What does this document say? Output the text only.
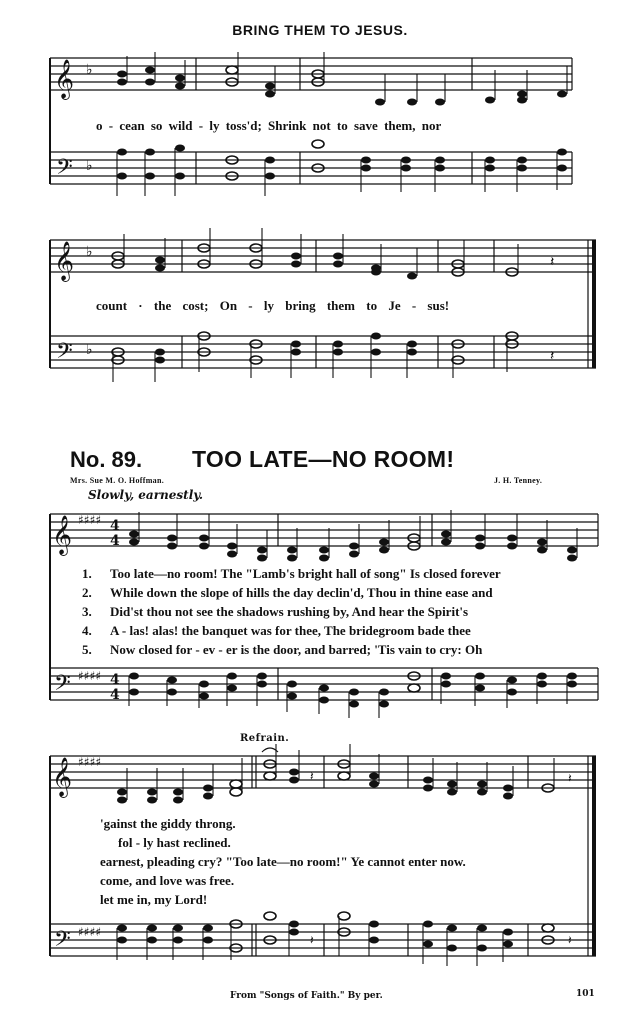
BRING THEM TO JESUS.
𝄞
𝄢
♭
♭
𝄞
𝄢
♭
♭
𝄽
𝄽
𝄞
𝄢
♯♯♯♯
♯♯♯♯
4
4
4
4
𝄞
𝄢
♯♯♯♯
♯♯♯♯
𝄽	𝄽
𝄽	𝄽
o - cean so wild - ly toss'd; Shrink not to save them, nor
count · the cost; On - ly bring them to Je - sus!
No. 89. TOO LATE—NO ROOM!
Mrs. Sue M. O. Hoffman.	J. H. Tenney.
Slowly, earnestly.
1. Too late—no room! The "Lamb's bright hall of song" Is closed forever
2. While down the slope of hills the day declin'd, Thou in thine ease and
3. Did'st thou not see the shadows rushing by, And hear the Spirit's
4. A - las! alas! the banquet was for thee, The bridegroom bade thee
5. Now closed for - ev - er is the door, and barred; 'Tis vain to cry: Oh
Refrain.
'gainst the giddy throng.
fol - ly hast reclined.
earnest, pleading cry? "Too late—no room!" Ye cannot enter now.
come, and love was free.
let me in, my Lord!
From "Songs of Faith." By per.	101
